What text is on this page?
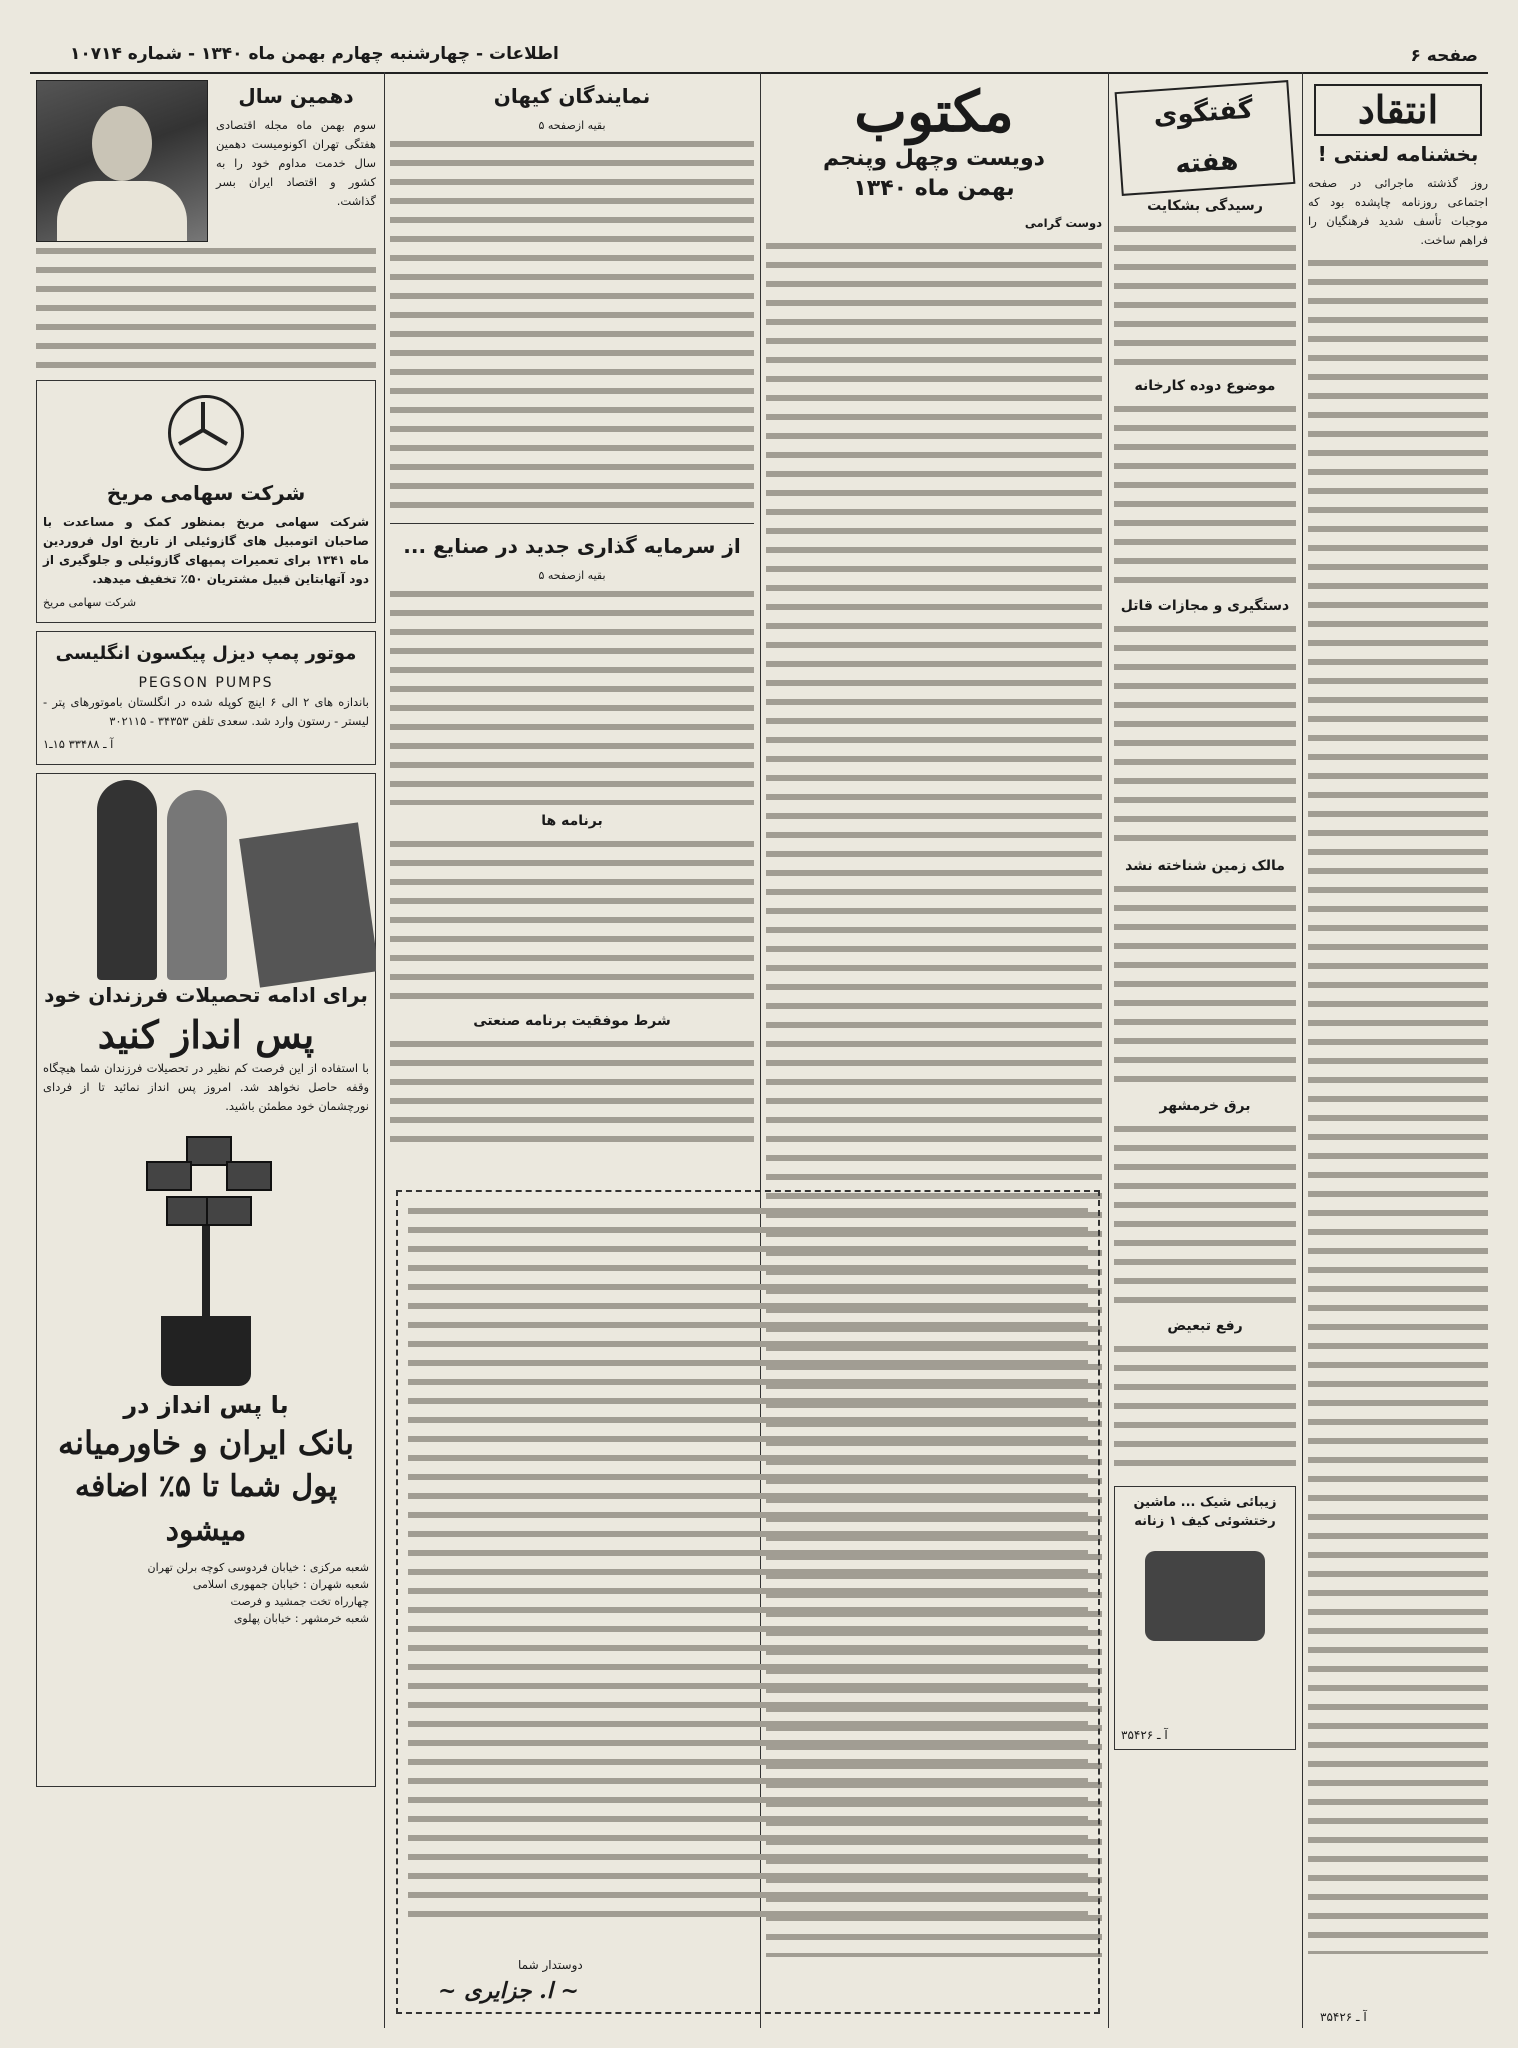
اطلاعات - چهارشنبه چهارم بهمن ماه ۱۳۴۰ - شماره ۱۰۷۱۴	صفحه ۶
انتقاد
بخشنامه لعنتی !

روز گذشته ماجرائی در صفحه اجتماعی روزنامه چاپشده بود که موجبات تأسف شدید فرهنگیان را فراهم ساخت.

گفتگوی هفته
رسیدگی بشکایت
موضوع دوده کارخانه
دستگیری و مجازات قاتل
مالک زمین شناخته نشد
برق خرمشهر
رفع تبعیض
زیبائی شیک ... ماشین رختشوئی کیف ۱ زنانه
آ ـ ۳۵۴۲۶
مکتوب
دویست وچهل وپنجم
بهمن ماه ۱۳۴۰

دوست گرامی

نمایندگان کیهان
بقیه ازصفحه ۵
از سرمایه گذاری جدید در صنایع ...
بقیه ازصفحه ۵
برنامه ها
شرط موفقیت برنامه صنعتی
دوستدار شما
~ ا. جزایری ~
دهمین سال

سوم بهمن ماه مجله اقتصادی هفتگی تهران اکونومیست دهمین سال خدمت مداوم خود را به کشور و اقتصاد ایران بسر گذاشت.

شرکت سهامی مریخ

شرکت سهامی مریخ بمنظور کمک و مساعدت با صاحبان اتومبیل های گازوئیلی از تاریخ اول فروردین ماه ۱۳۴۱ برای تعمیرات پمپهای گازوئیلی و جلوگیری از دود آتهابتاین قبیل مشتریان ۵۰٪ تخفیف میدهد.

شرکت سهامی مریخ

موتور پمپ دیزل پیکسون انگلیسی
PEGSON PUMPS

باندازه های ۲ الی ۶ اینچ کوپله شده در انگلستان باموتورهای پتر - لیستر - رستون وارد شد. سعدی تلفن ۳۴۳۵۳ - ۳۰۲۱۱۵

آ ـ ۳۳۴۸۸ ۱۵ـ۱

برای ادامه تحصیلات فرزندان خود
پس انداز کنید

با استفاده از این فرصت کم نظیر در تحصیلات فرزندان شما هیچگاه وقفه حاصل نخواهد شد. امروز پس انداز نمائید تا از فردای نورچشمان خود مطمئن باشید.

با پس انداز در
بانک ایران و خاورمیانه
پول شما تا ۵٪ اضافه میشود
شعبه مرکزی : خیابان فردوسی کوچه برلن تهران
شعبه شهران : خیابان جمهوری اسلامی
چهارراه تخت جمشید و فرصت
شعبه خرمشهر : خیابان پهلوی
آ ـ ۳۵۴۲۶
